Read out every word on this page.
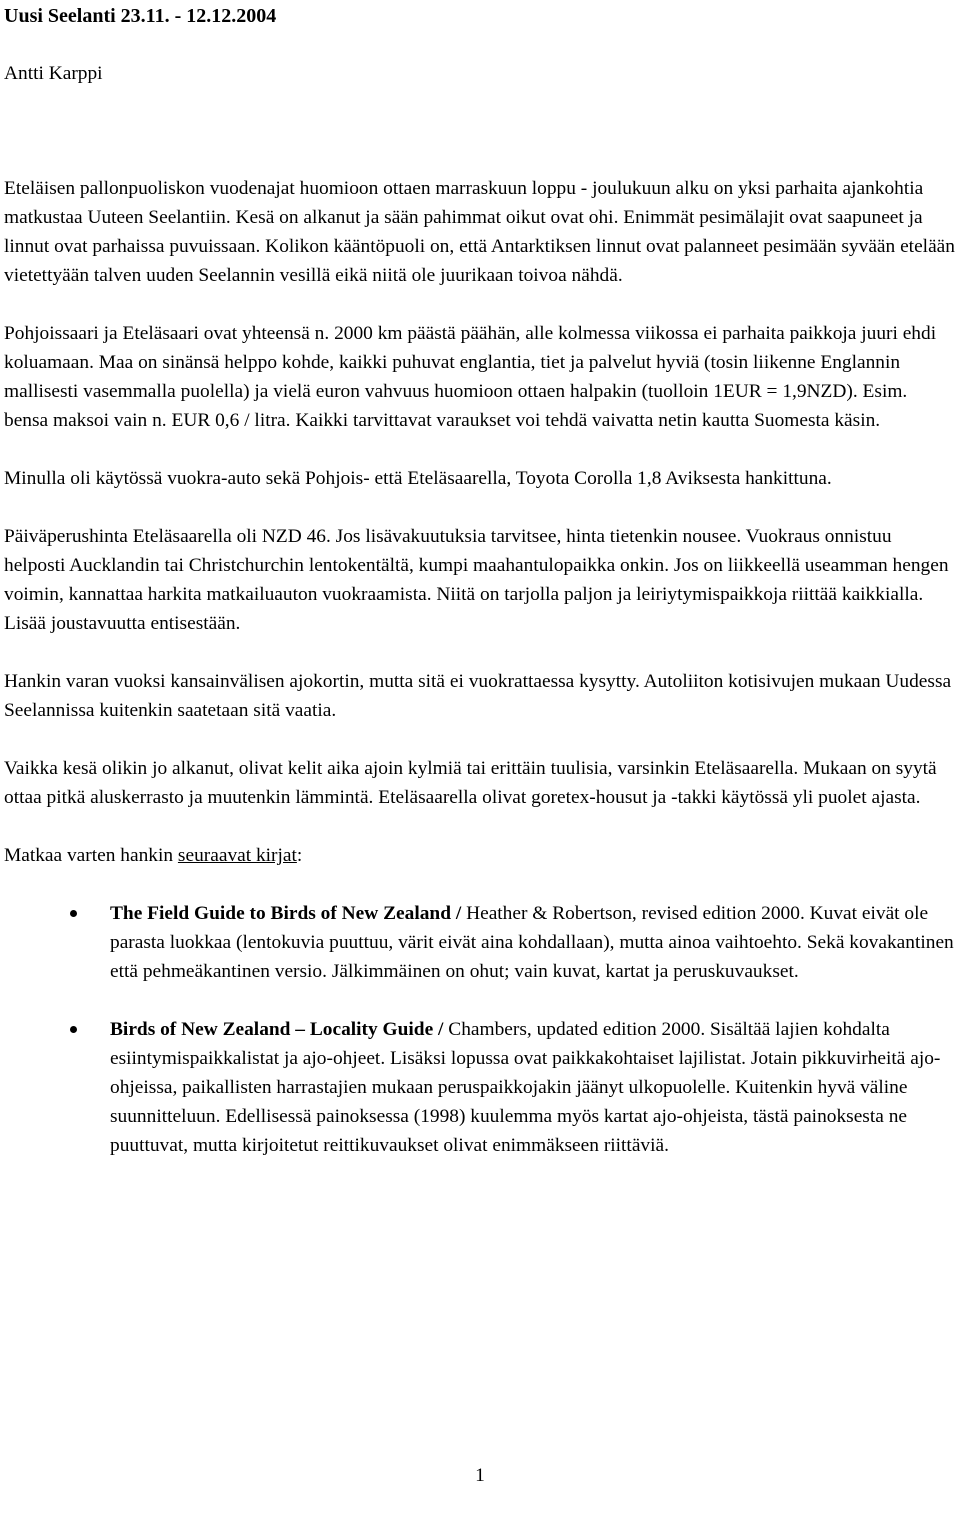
Uusi Seelanti 23.11. - 12.12.2004

Antti Karppi

Eteläisen pallonpuoliskon vuodenajat huomioon ottaen marraskuun loppu - joulukuun alku on yksi parhaita ajankohtia matkustaa Uuteen Seelantiin. Kesä on alkanut ja sään pahimmat oikut ovat ohi. Enimmät pesimälajit ovat saapuneet ja linnut ovat parhaissa puvuissaan. Kolikon kääntöpuoli on, että Antarktiksen linnut ovat palanneet pesimään syvään etelään vietettyään talven uuden Seelannin vesillä eikä niitä ole juurikaan toivoa nähdä.

Pohjoissaari ja Eteläsaari ovat yhteensä n. 2000 km päästä päähän, alle kolmessa viikossa ei parhaita paikkoja juuri ehdi koluamaan. Maa on sinänsä helppo kohde, kaikki puhuvat englantia, tiet ja palvelut hyviä (tosin liikenne Englannin mallisesti vasemmalla puolella) ja vielä euron vahvuus huomioon ottaen halpakin (tuolloin 1EUR = 1,9NZD). Esim. bensa maksoi vain n. EUR 0,6 / litra. Kaikki tarvittavat varaukset voi tehdä vaivatta netin kautta Suomesta käsin.

Minulla oli käytössä vuokra-auto sekä Pohjois- että Eteläsaarella, Toyota Corolla 1,8 Aviksesta hankittuna.

Päiväperushinta Eteläsaarella oli NZD 46. Jos lisävakuutuksia tarvitsee, hinta tietenkin nousee. Vuokraus onnistuu helposti Aucklandin tai Christchurchin lentokentältä, kumpi maahantulopaikka onkin. Jos on liikkeellä useamman hengen voimin, kannattaa harkita matkailuauton vuokraamista. Niitä on tarjolla paljon ja leiriytymispaikkoja riittää kaikkialla. Lisää joustavuutta entisestään.

Hankin varan vuoksi kansainvälisen ajokortin, mutta sitä ei vuokrattaessa kysytty. Autoliiton kotisivujen mukaan Uudessa Seelannissa kuitenkin saatetaan sitä vaatia.

Vaikka kesä olikin jo alkanut, olivat kelit aika ajoin kylmiä tai erittäin tuulisia, varsinkin Eteläsaarella. Mukaan on syytä ottaa pitkä aluskerrasto ja muutenkin lämmintä. Eteläsaarella olivat goretex-housut ja -takki käytössä yli puolet ajasta.

Matkaa varten hankin seuraavat kirjat:

The Field Guide to Birds of New Zealand / Heather & Robertson, revised edition 2000. Kuvat eivät ole parasta luokkaa (lentokuvia puuttuu, värit eivät aina kohdallaan), mutta ainoa vaihtoehto. Sekä kovakantinen että pehmeäkantinen versio. Jälkimmäinen on ohut; vain kuvat, kartat ja peruskuvaukset.
Birds of New Zealand – Locality Guide / Chambers, updated edition 2000. Sisältää lajien kohdalta esiintymispaikkalistat ja ajo-ohjeet. Lisäksi lopussa ovat paikkakohtaiset lajilistat. Jotain pikkuvirheitä ajo-ohjeissa, paikallisten harrastajien mukaan peruspaikkojakin jäänyt ulkopuolelle. Kuitenkin hyvä väline suunnitteluun. Edellisessä painoksessa (1998) kuulemma myös kartat ajo-ohjeista, tästä painoksesta ne puuttuvat, mutta kirjoitetut reittikuvaukset olivat enimmäkseen riittäviä.
1
